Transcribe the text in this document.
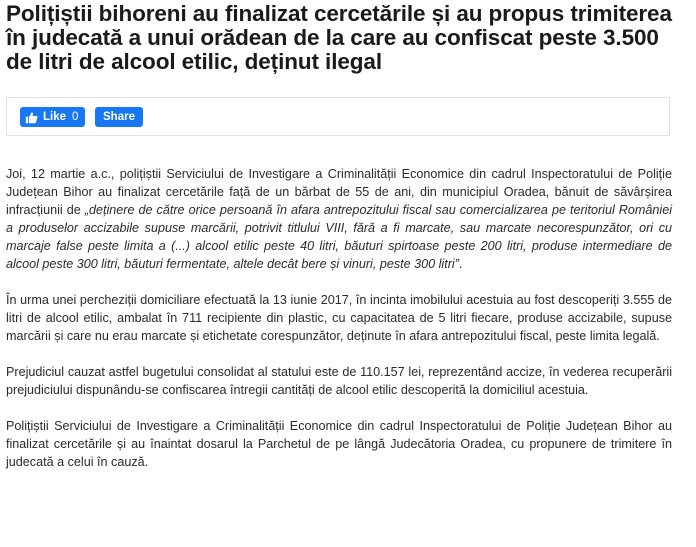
Polițiștii bihoreni au finalizat cercetările și au propus trimiterea în judecată a unui orădean de la care au confiscat peste 3.500 de litri de alcool etilic, deținut ilegal
Like 0 Share

Joi, 12 martie a.c., polițiștii Serviciului de Investigare a Criminalității Economice din cadrul Inspectoratului de Poliție Județean Bihor au finalizat cercetările față de un bărbat de 55 de ani, din municipiul Oradea, bănuit de săvârșirea infracțiunii de „deținere de către orice persoană în afara antrepozitului fiscal sau comercializarea pe teritoriul României a produselor accizabile supuse marcării, potrivit titlului VIII, fără a fi marcate, sau marcate necorespunzător, ori cu marcaje false peste limita a (...) alcool etilic peste 40 litri, băuturi spirtoase peste 200 litri, produse intermediare de alcool peste 300 litri, băuturi fermentate, altele decât bere și vinuri, peste 300 litri”.

În urma unei percheziții domiciliare efectuată la 13 iunie 2017, în incinta imobilului acestuia au fost descoperiți 3.555 de litri de alcool etilic, ambalat în 711 recipiente din plastic, cu capacitatea de 5 litri fiecare, produse accizabile, supuse marcării și care nu erau marcate și etichetate corespunzător, deținute în afara antrepozitului fiscal, peste limita legală.

Prejudiciul cauzat astfel bugetului consolidat al statului este de 110.157 lei, reprezentând accize, în vederea recuperării prejudiciului dispunându-se confiscarea întregii cantități de alcool etilic descoperită la domiciliul acestuia.

Polițiștii Serviciului de Investigare a Criminalității Economice din cadrul Inspectoratului de Poliție Județean Bihor au finalizat cercetările și au înaintat dosarul la Parchetul de pe lângă Judecătoria Oradea, cu propunere de trimitere în judecată a celui în cauză.
